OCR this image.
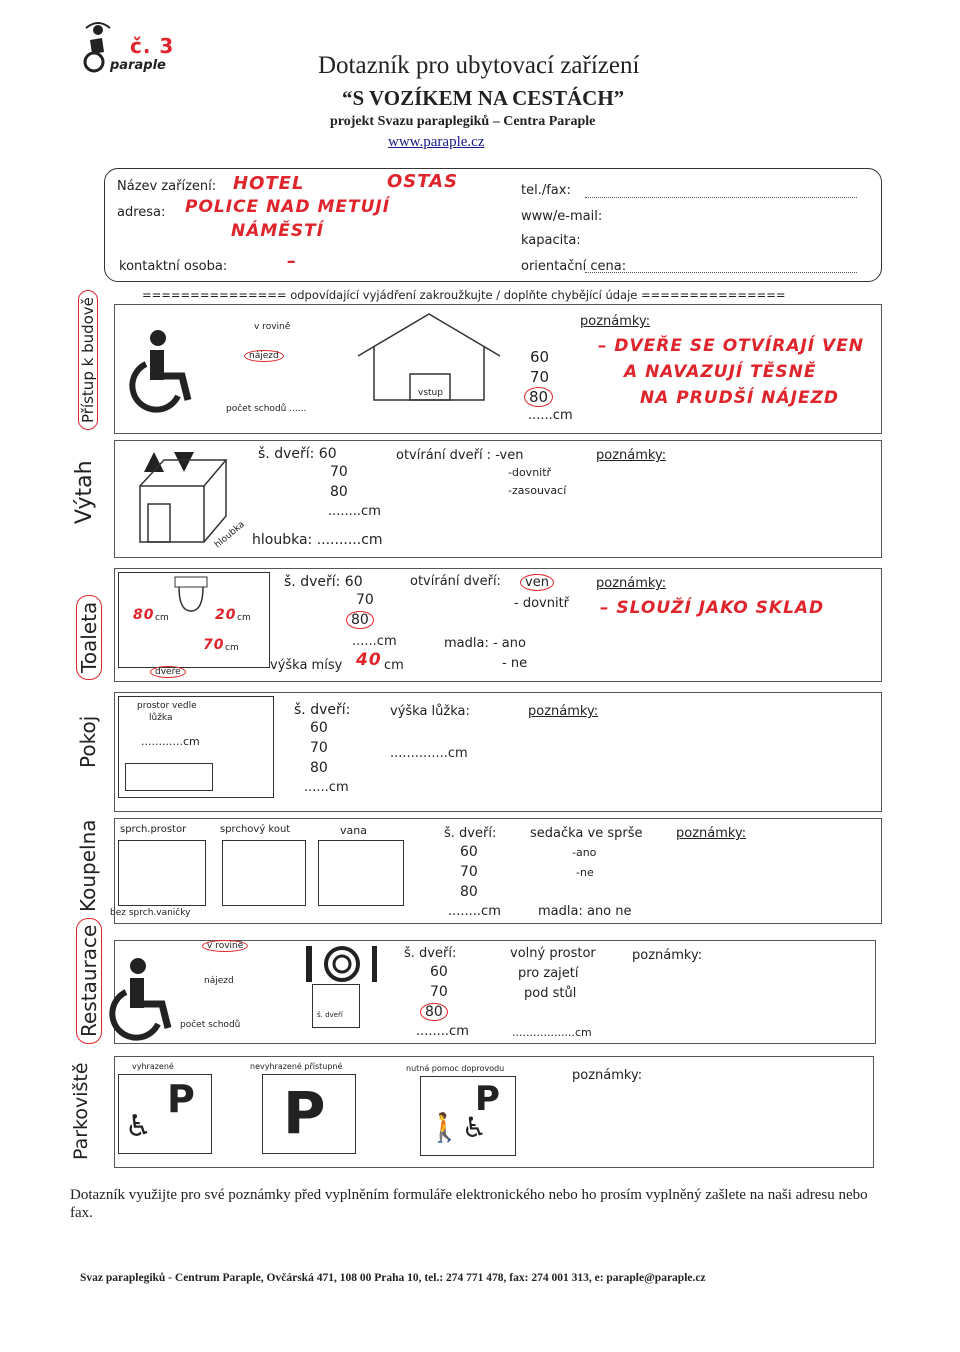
paraple
č. 3
Dotazník pro ubytovací zařízení
“S VOZÍKEM NA CESTÁCH”
projekt Svazu paraplegiků – Centra Paraple
www.paraple.cz
Název zařízení: HOTEL	OSTAS
adresa: POLICE NAD METUJÍ
NÁMĚSTÍ
kontaktní osoba:	–
tel./fax:
www/e-mail:
kapacita:
orientační cena:
=============== odpovídající vyjádření zakroužkujte / doplňte chybějící údaje ===============
Přístup k budově	v rovině
nájezd
počet schodů ......
vstup
60
70
80
......cm
poznámky:
– DVEŘE SE OTVÍRAJÍ VEN
A NAVAZUJÍ TĚSNĚ
NA PRUDŠÍ NÁJEZD
Výtah
š. dveří: 60
70
80
........cm
otvírání dveří : -ven
-dovnitř
-zasouvací
hloubka: ..........cm
hloubka
poznámky:
Toaleta 80 cm	20 cm
70 cm
dveře
š. dveří: 60
70
80
......cm
výška mísy 40 cm
otvírání dveří:	ven
- dovnitř
madla: - ano
- ne
poznámky:
– SLOUŽÍ JAKO SKLAD
Pokoj
prostor vedle
lůžka
............cm
š. dveří:
60
70
80
......cm
výška lůžka:
..............cm
poznámky:
Koupelna sprch.prostor	sprchový kout	vana
bez sprch.vaničky
š. dveří:
60
70
80
........cm
sedačka ve sprše
-ano
-ne
madla: ano ne
poznámky:
Restaurace	v rovině
nájezd
počet schodů
š. dveří
š. dveří:
60
70
80
........cm
volný prostor
pro zajetí
pod stůl
..................cm
poznámky:
Parkoviště	vyhrazené	nevyhrazené přístupné	nutná pomoc doprovodu
P
♿ P	P
🚶♿
poznámky:
Dotazník využijte pro své poznámky před vyplněním formuláře elektronického nebo ho prosím vyplněný zašlete na naši adresu nebo fax.
Svaz paraplegiků - Centrum Paraple, Ovčárská 471, 108 00 Praha 10, tel.: 274 771 478, fax: 274 001 313, e: paraple@paraple.cz
